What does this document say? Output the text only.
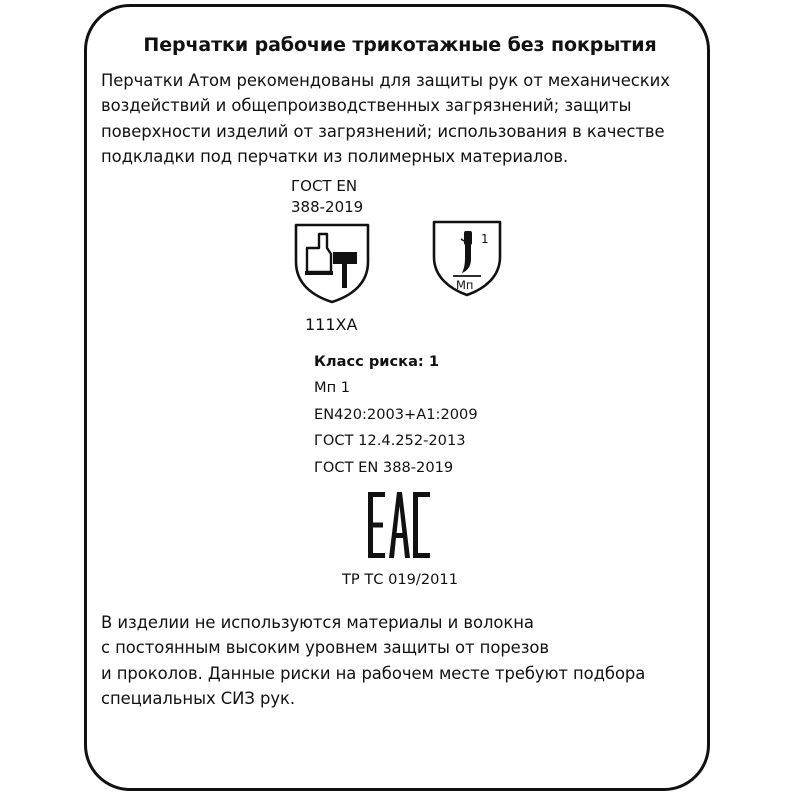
Перчатки рабочие трикотажные без покрытия

Перчатки Атом рекомендованы для защиты рук от механических
воздействий и общепроизводственных загрязнений; защиты
поверхности изделий от загрязнений; использования в качестве
подкладки под перчатки из полимерных материалов.

ГОСТ EN
388-2019
111XA
1
Мп
Класс риска: 1
Мп 1
EN420:2003+A1:2009
ГОСТ 12.4.252-2013
ГОСТ EN 388-2019
ТР ТС 019/2011

В изделии не используются материалы и волокна
с постоянным высоким уровнем защиты от порезов
и проколов. Данные риски на рабочем месте требуют подбора
специальных СИЗ рук.
